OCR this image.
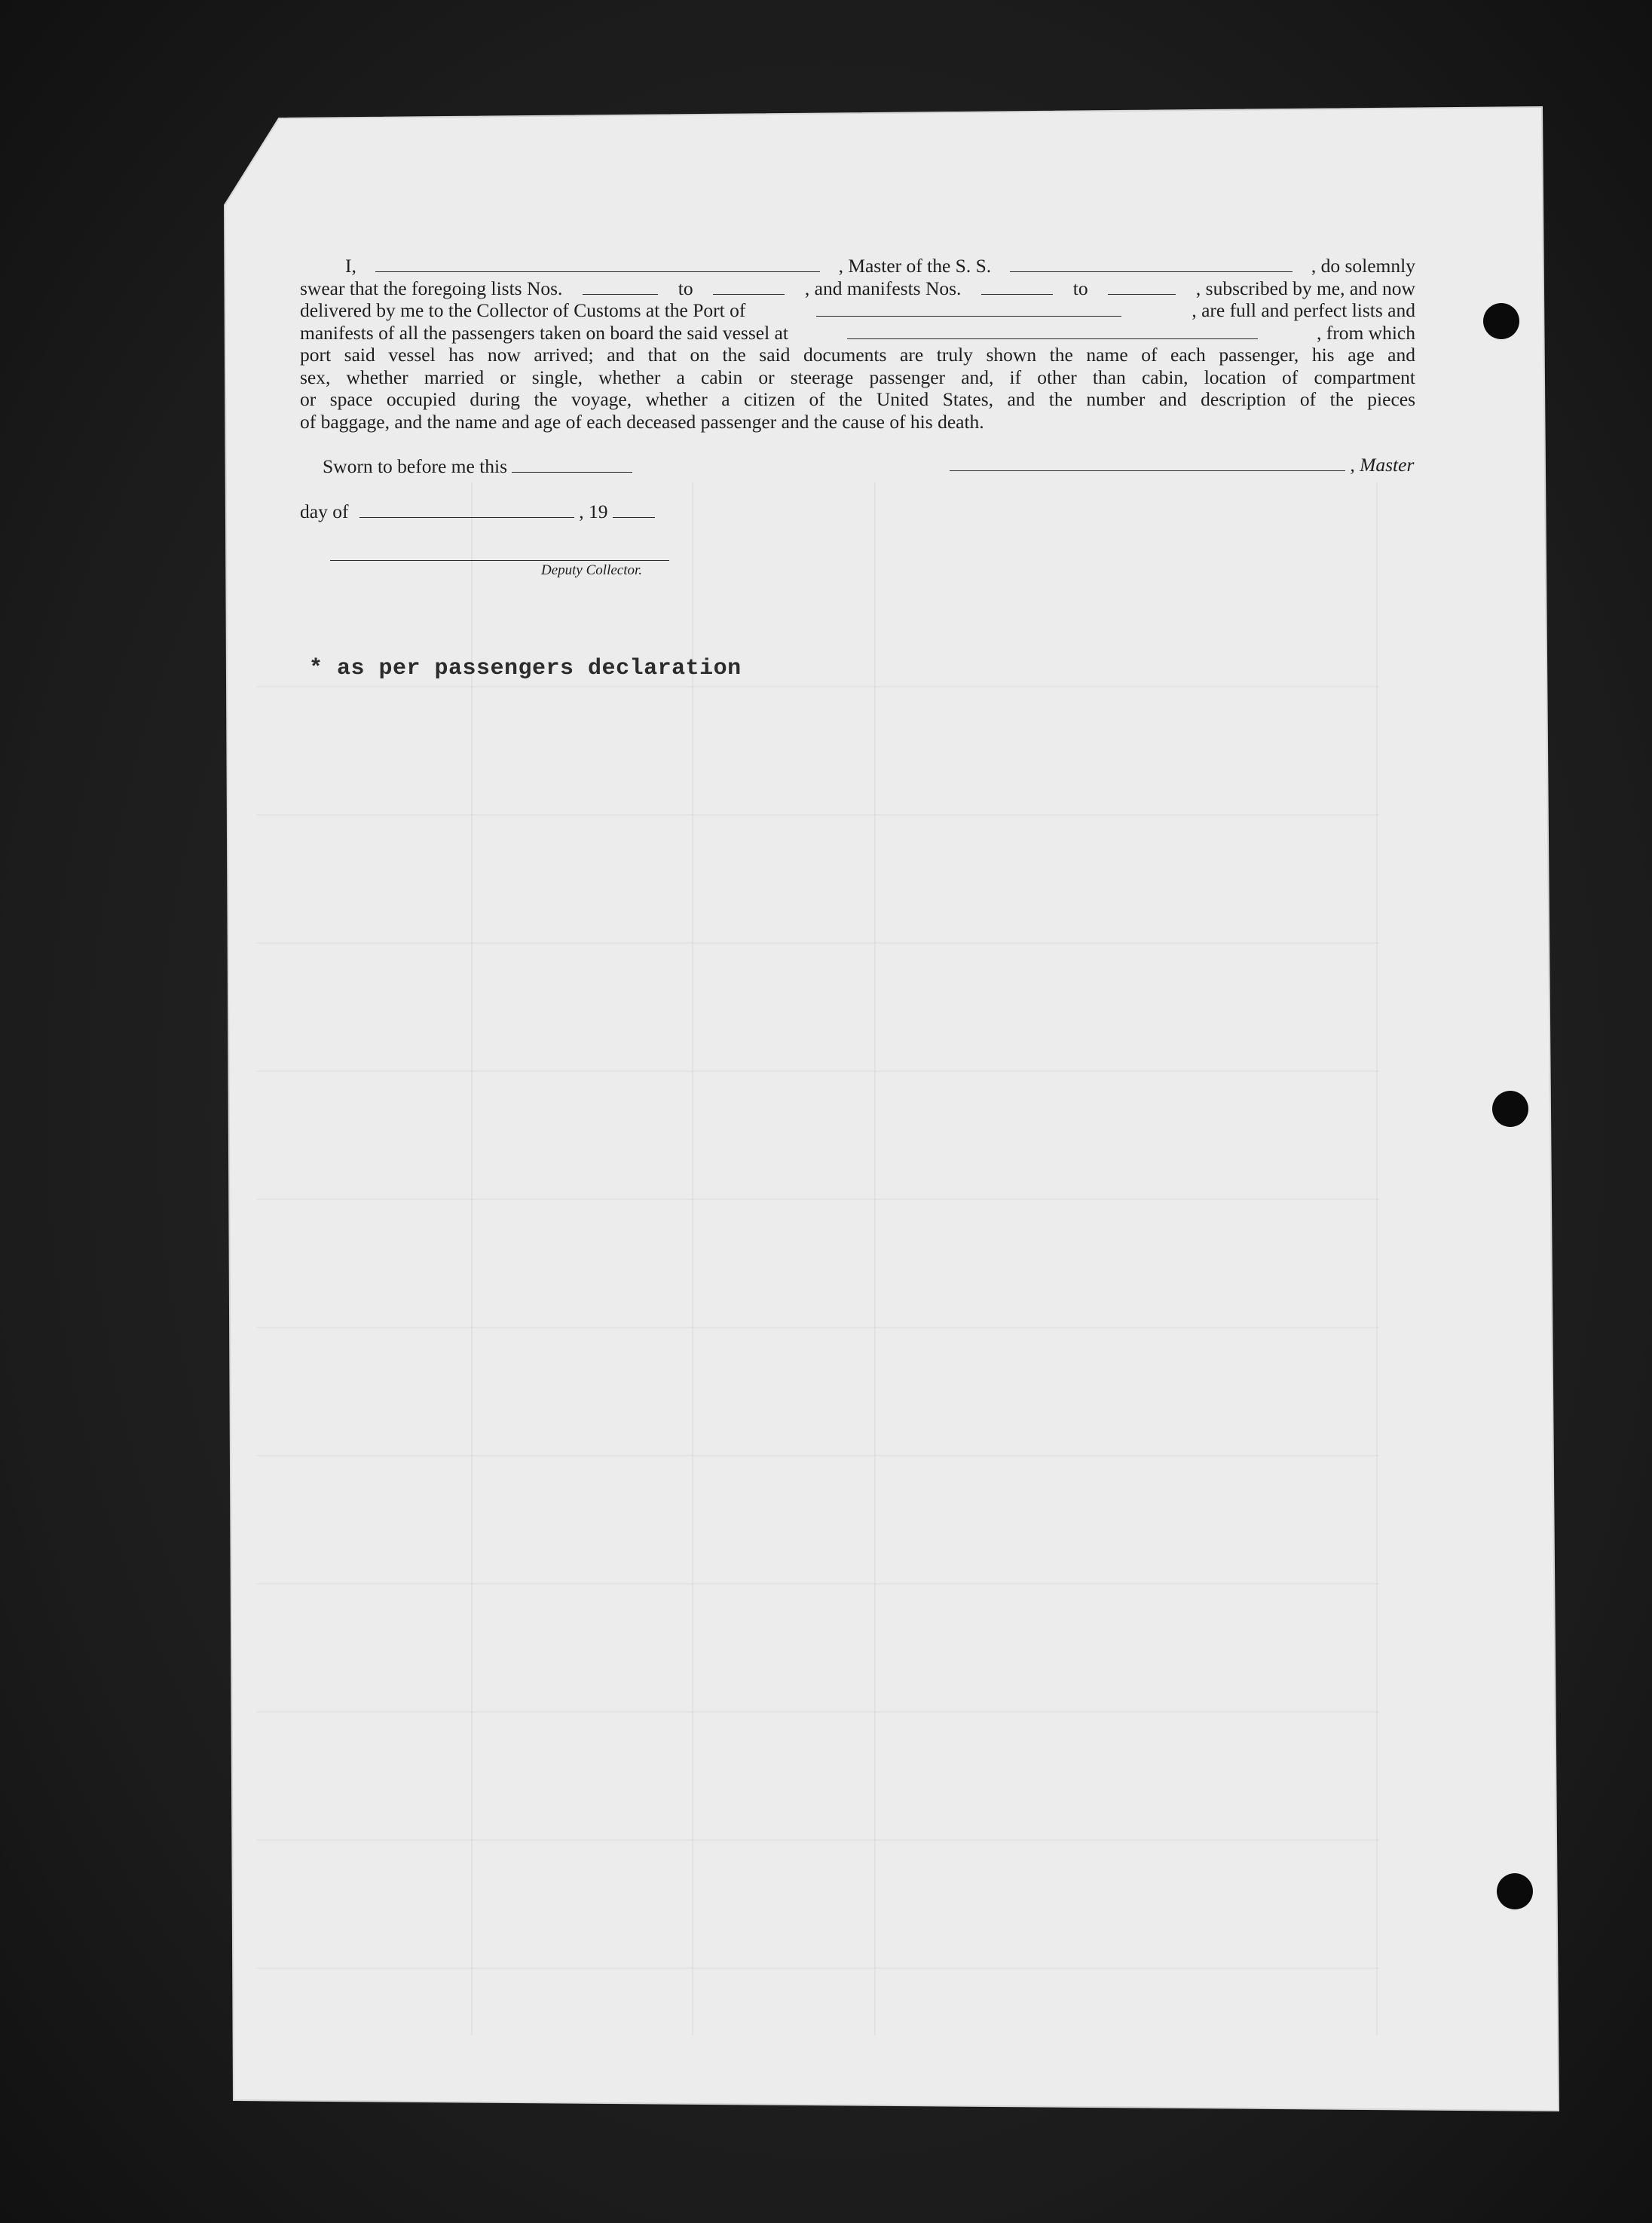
I,	, Master of the S. S.	, do solemnly
swear that the foregoing lists Nos.	to	, and manifests Nos.	to	, subscribed by me, and now
delivered by me to the Collector of Customs at the Port of	, are full and perfect lists and
manifests of all the passengers taken on board the said vessel at	, from which
port said vessel has now arrived; and that on the said documents are truly shown the name of each passenger, his age and
sex, whether married or single, whether a cabin or steerage passenger and, if other than cabin, location of compartment
or space occupied during the voyage, whether a citizen of the United States, and the number and description of the pieces
of baggage, and the name and age of each deceased passenger and the cause of his death.
Sworn to before me this	, Master
day of	, 19
Deputy Collector.
* as per passengers declaration
